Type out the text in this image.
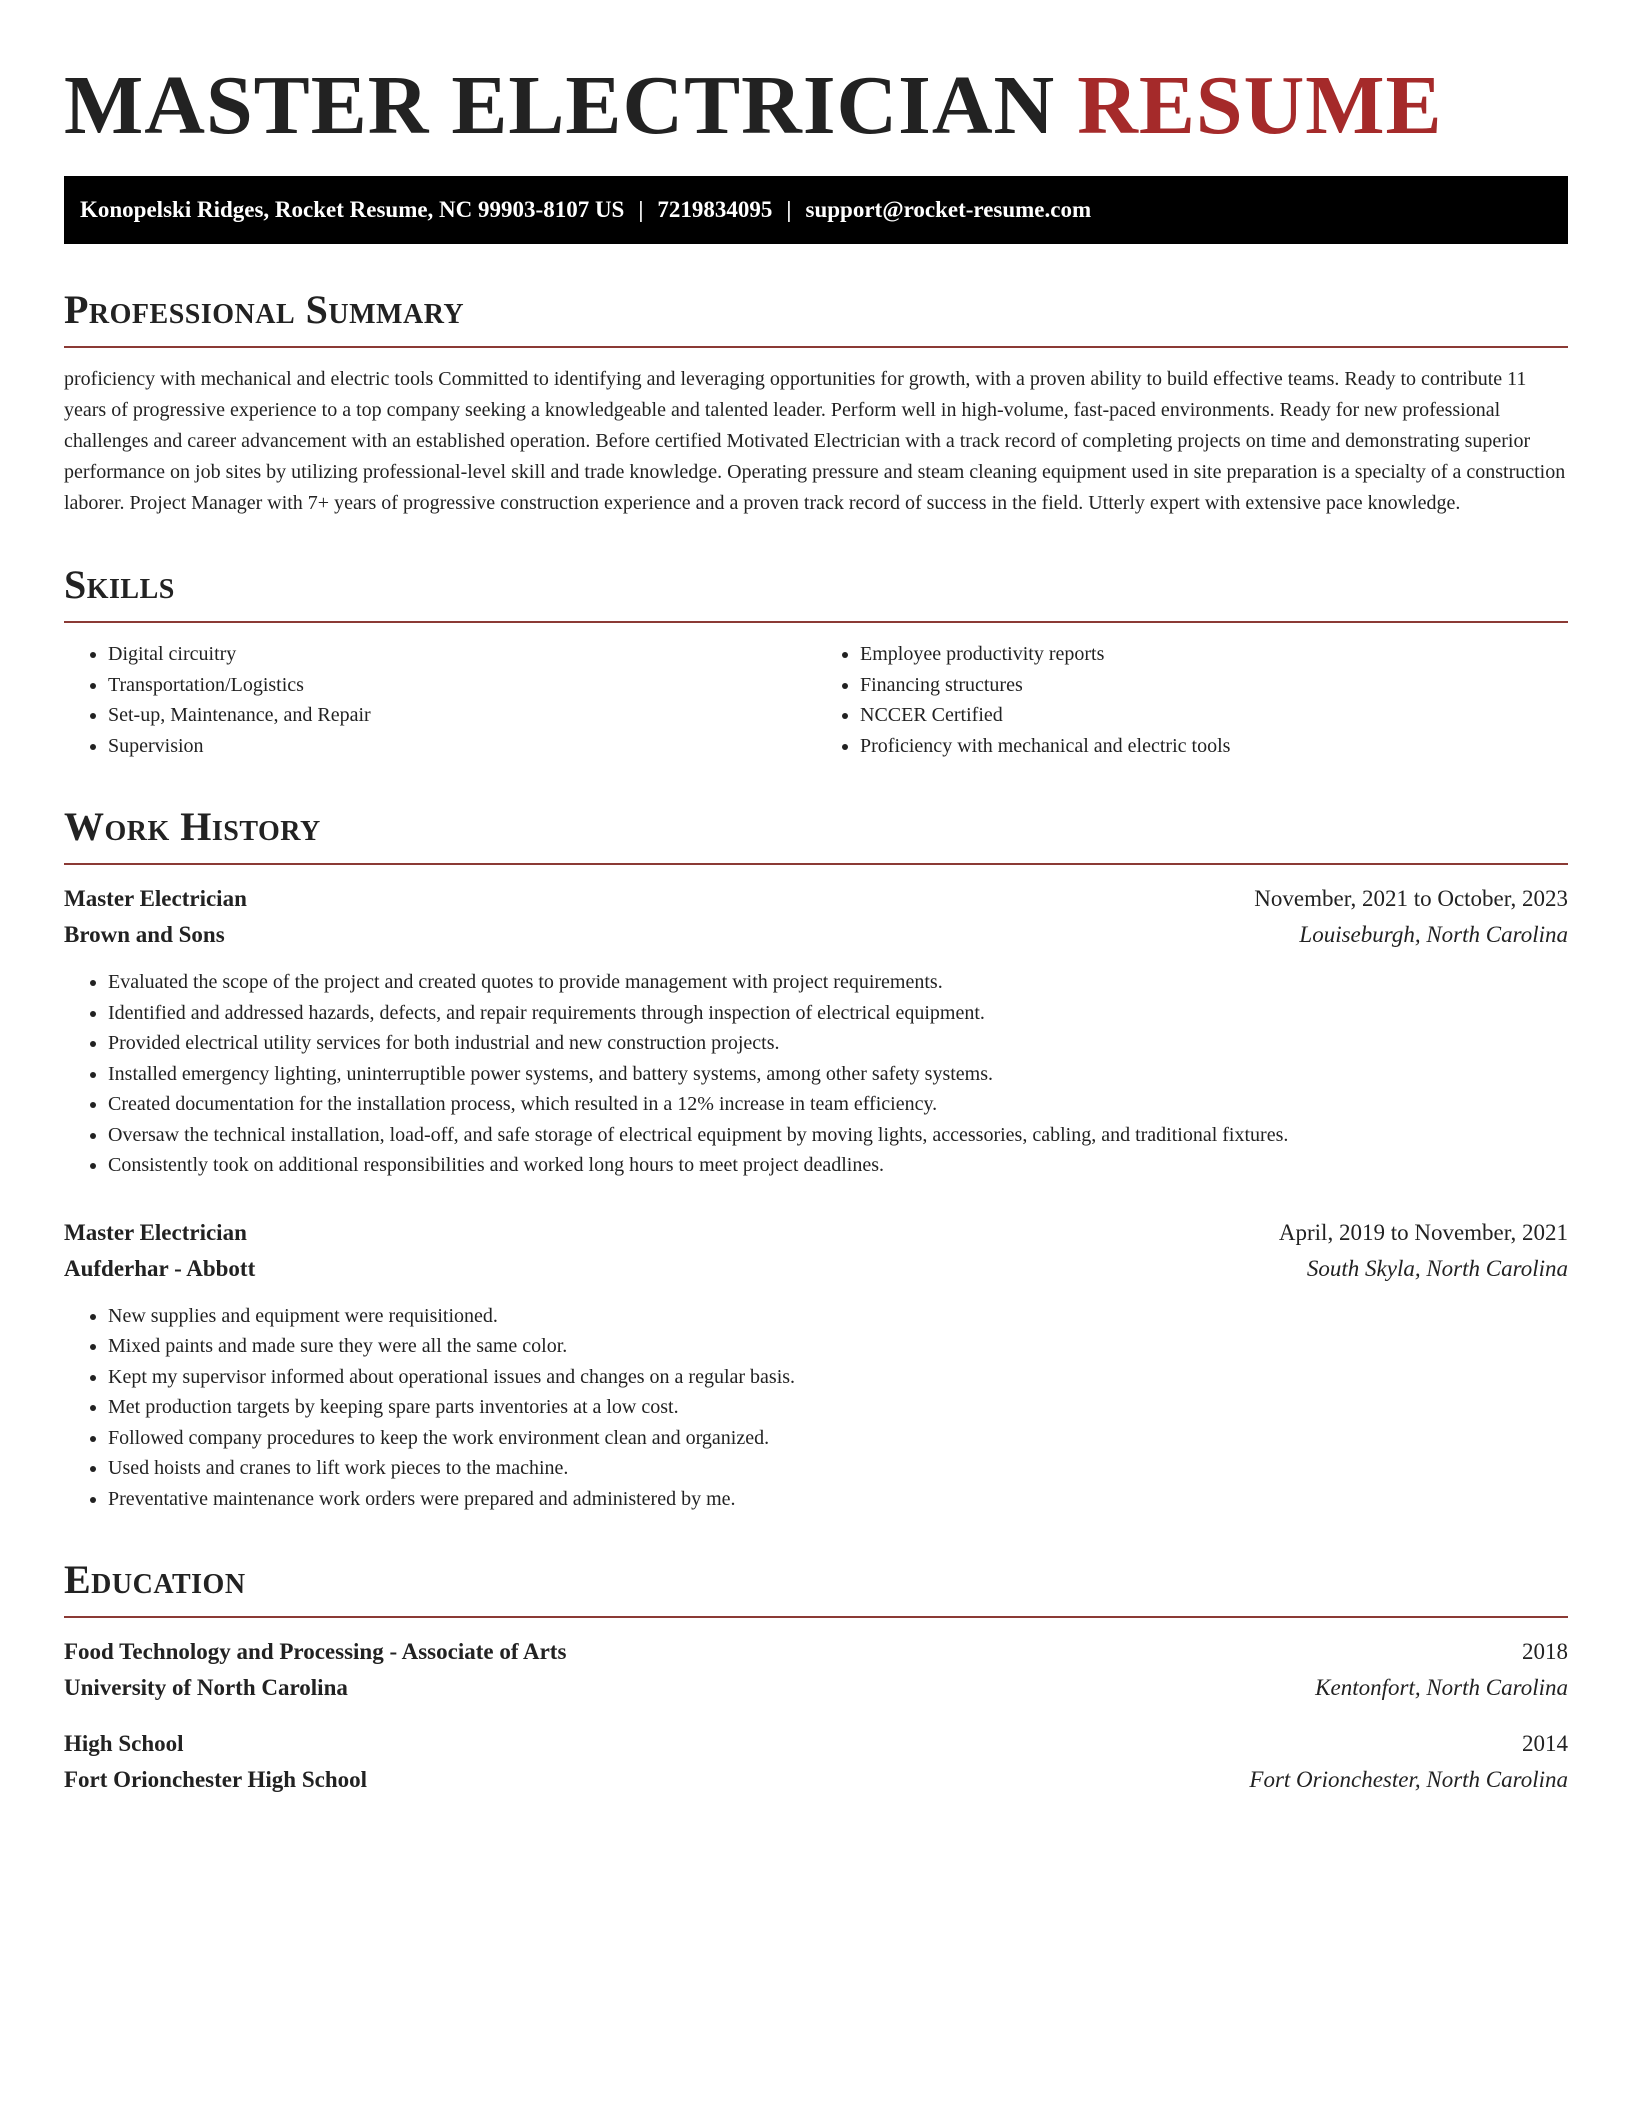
MASTER ELECTRICIAN RESUME
Konopelski Ridges, Rocket Resume, NC 99903-8107 US | 7219834095 | support@rocket-resume.com
Professional Summary

proficiency with mechanical and electric tools Committed to identifying and leveraging opportunities for growth, with a proven ability to build effective teams. Ready to contribute 11 years of progressive experience to a top company seeking a knowledgeable and talented leader. Perform well in high-volume, fast-paced environments. Ready for new professional challenges and career advancement with an established operation. Before certified Motivated Electrician with a track record of completing projects on time and demonstrating superior performance on job sites by utilizing professional-level skill and trade knowledge. Operating pressure and steam cleaning equipment used in site preparation is a specialty of a construction laborer. Project Manager with 7+ years of progressive construction experience and a proven track record of success in the field. Utterly expert with extensive pace knowledge.

Skills
• Digital circuitry
• Transportation/Logistics
• Set-up, Maintenance, and Repair
• Supervision
• Employee productivity reports
• Financing structures
• NCCER Certified
• Proficiency with mechanical and electric tools
Work History
Master Electrician	November, 2021 to October, 2023
Brown and Sons	Louiseburgh, North Carolina
• Evaluated the scope of the project and created quotes to provide management with project requirements.
• Identified and addressed hazards, defects, and repair requirements through inspection of electrical equipment.
• Provided electrical utility services for both industrial and new construction projects.
• Installed emergency lighting, uninterruptible power systems, and battery systems, among other safety systems.
• Created documentation for the installation process, which resulted in a 12% increase in team efficiency.
• Oversaw the technical installation, load-off, and safe storage of electrical equipment by moving lights, accessories, cabling, and traditional fixtures.
• Consistently took on additional responsibilities and worked long hours to meet project deadlines.
Master Electrician	April, 2019 to November, 2021
Aufderhar - Abbott	South Skyla, North Carolina
• New supplies and equipment were requisitioned.
• Mixed paints and made sure they were all the same color.
• Kept my supervisor informed about operational issues and changes on a regular basis.
• Met production targets by keeping spare parts inventories at a low cost.
• Followed company procedures to keep the work environment clean and organized.
• Used hoists and cranes to lift work pieces to the machine.
• Preventative maintenance work orders were prepared and administered by me.
Education
Food Technology and Processing - Associate of Arts	2018
University of North Carolina	Kentonfort, North Carolina
High School	2014
Fort Orionchester High School	Fort Orionchester, North Carolina
